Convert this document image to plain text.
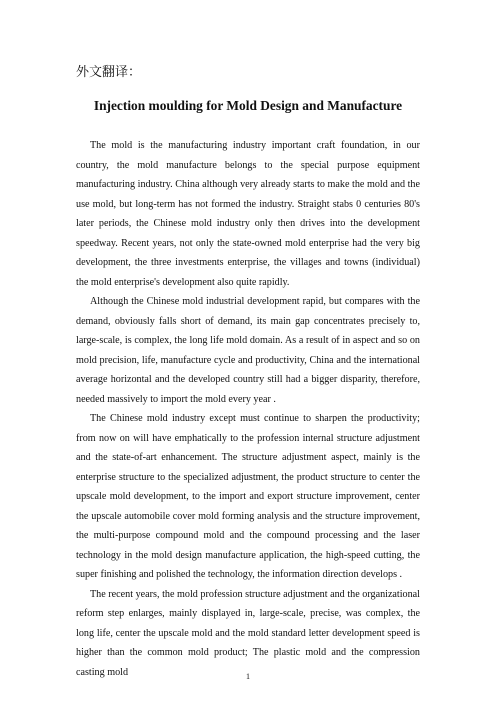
外文翻译：

Injection moulding for Mold Design and Manufacture

The mold is the manufacturing industry important craft foundation, in our country, the mold manufacture belongs to the special purpose equipment manufacturing industry. China although very already starts to make the mold and the use mold, but long-term has not formed the industry. Straight stabs 0 centuries 80's later periods, the Chinese mold industry only then drives into the development speedway. Recent years, not only the state-owned mold enterprise had the very big development, the three investments enterprise, the villages and towns (individual) the mold enterprise's development also quite rapidly.

Although the Chinese mold industrial development rapid, but compares with the demand, obviously falls short of demand, its main gap concentrates precisely to, large-scale, is complex, the long life mold domain. As a result of in aspect and so on mold precision, life, manufacture cycle and productivity, China and the international average horizontal and the developed country still had a bigger disparity, therefore, needed massively to import the mold every year .

The Chinese mold industry except must continue to sharpen the productivity; from now on will have emphatically to the profession internal structure adjustment and the state-of-art enhancement. The structure adjustment aspect, mainly is the enterprise structure to the specialized adjustment, the product structure to center the upscale mold development, to the import and export structure improvement, center the upscale automobile cover mold forming analysis and the structure improvement, the multi-purpose compound mold and the compound processing and the laser technology in the mold design manufacture application, the high-speed cutting, the super finishing and polished the technology, the information direction develops .

The recent years, the mold profession structure adjustment and the organizational reform step enlarges, mainly displayed in, large-scale, precise, was complex, the long life, center the upscale mold and the mold standard letter development speed is higher than the common mold product; The plastic mold and the compression casting mold	1
